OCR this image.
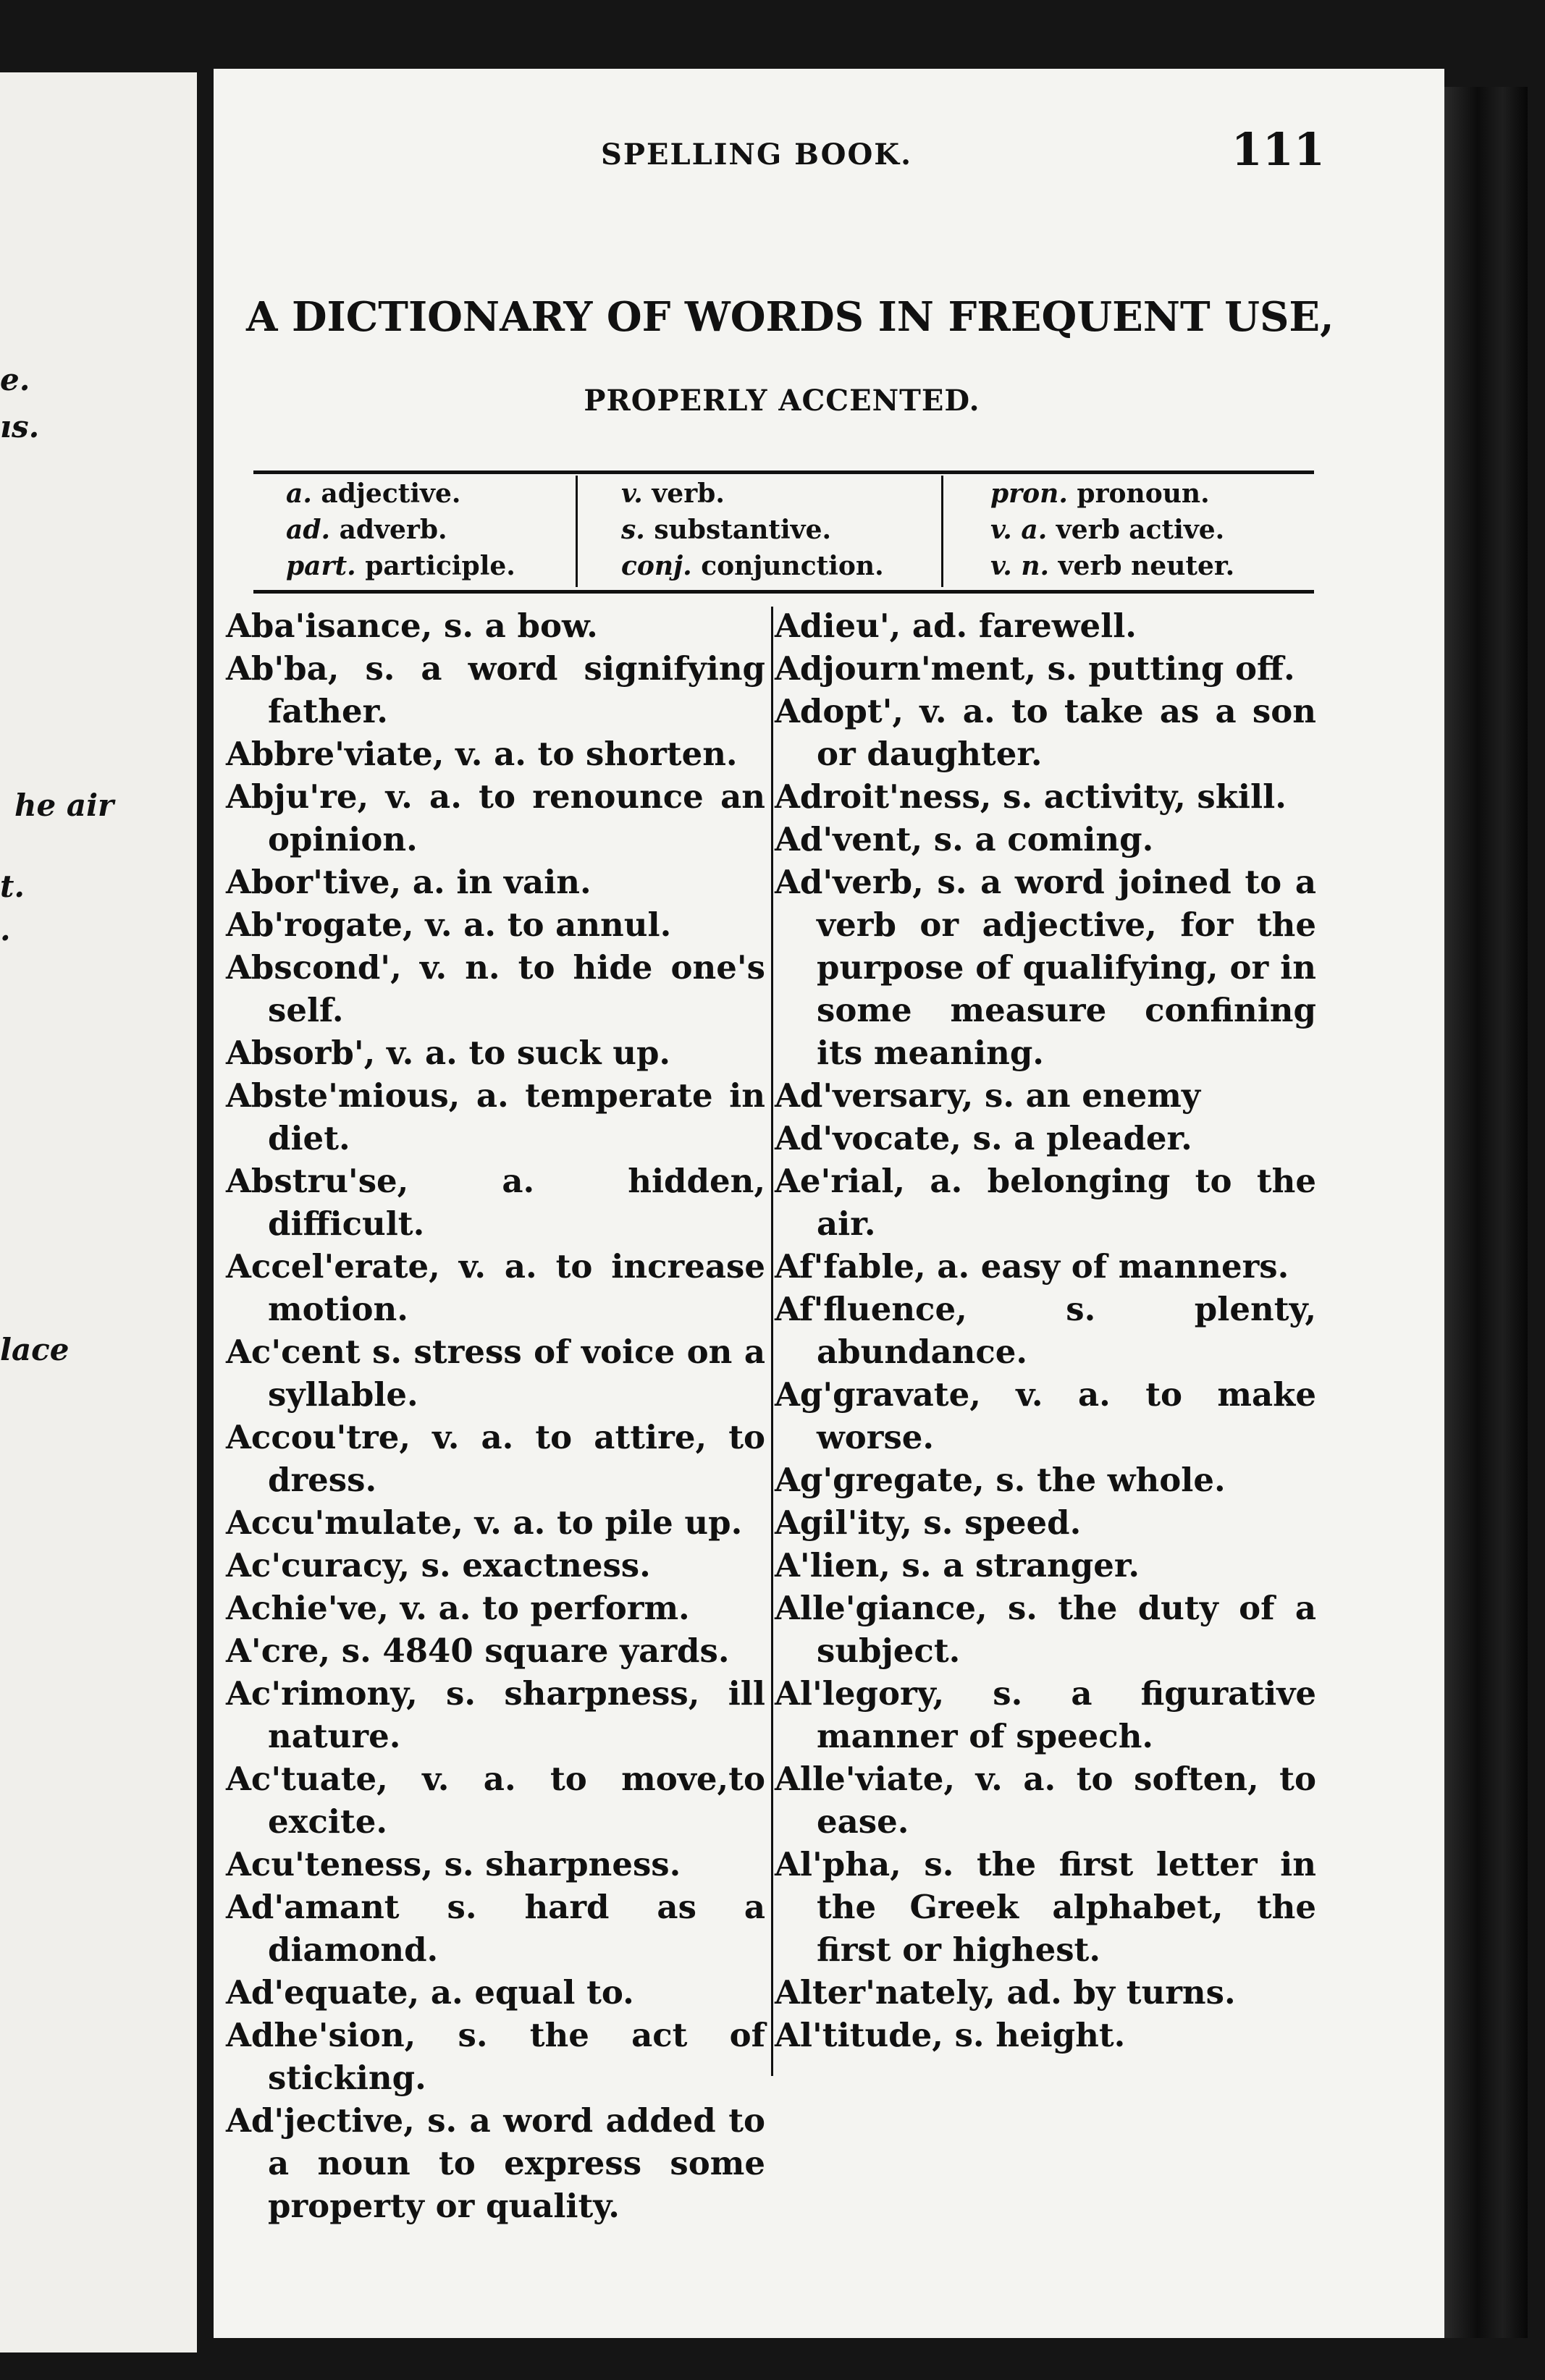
e.
ıs.
he air
t.
.
lace
SPELLING BOOK.	111
A DICTIONARY OF WORDS IN FREQUENT USE,
PROPERLY ACCENTED.
a. adjective.
ad. adverb.
part. participle.
v. verb.
s. substantive.
conj. conjunction.
pron. pronoun.
v. a. verb active.
v. n. verb neuter.
Aba'isance, s. a bow.
Ab'ba, s. a word signifying father.
Abbre'viate, v. a. to shorten.
Abju're, v. a. to renounce an opinion.
Abor'tive, a. in vain.
Ab'rogate, v. a. to annul.
Abscond', v. n. to hide one's self.
Absorb', v. a. to suck up.
Abste'mious, a. temperate in diet.
Abstru'se, a. hidden, difficult.
Accel'erate, v. a. to increase motion.
Ac'cent s. stress of voice on a syllable.
Accou'tre, v. a. to attire, to dress.
Accu'mulate, v. a. to pile up.
Ac'curacy, s. exactness.
Achie've, v. a. to perform.
A'cre, s. 4840 square yards.
Ac'rimony, s. sharpness, ill nature.
Ac'tuate, v. a. to move,to excite.
Acu'teness, s. sharpness.
Ad'amant s. hard as a diamond.
Ad'equate, a. equal to.
Adhe'sion, s. the act of sticking.
Ad'jective, s. a word added to a noun to express some property or quality.
Adieu', ad. farewell.
Adjourn'ment, s. putting off.
Adopt', v. a. to take as a son or daughter.
Adroit'ness, s. activity, skill.
Ad'vent, s. a coming.
Ad'verb, s. a word joined to a verb or adjective, for the purpose of qualifying, or in some measure confining its meaning.
Ad'versary, s. an enemy
Ad'vocate, s. a pleader.
Ae'rial, a. belonging to the air.
Af'fable, a. easy of manners.
Af'fluence, s. plenty, abundance.
Ag'gravate, v. a. to make worse.
Ag'gregate, s. the whole.
Agil'ity, s. speed.
A'lien, s. a stranger.
Alle'giance, s. the duty of a subject.
Al'legory, s. a figurative manner of speech.
Alle'viate, v. a. to soften, to ease.
Al'pha, s. the first letter in the Greek alphabet, the first or highest.
Alter'nately, ad. by turns.
Al'titude, s. height.
